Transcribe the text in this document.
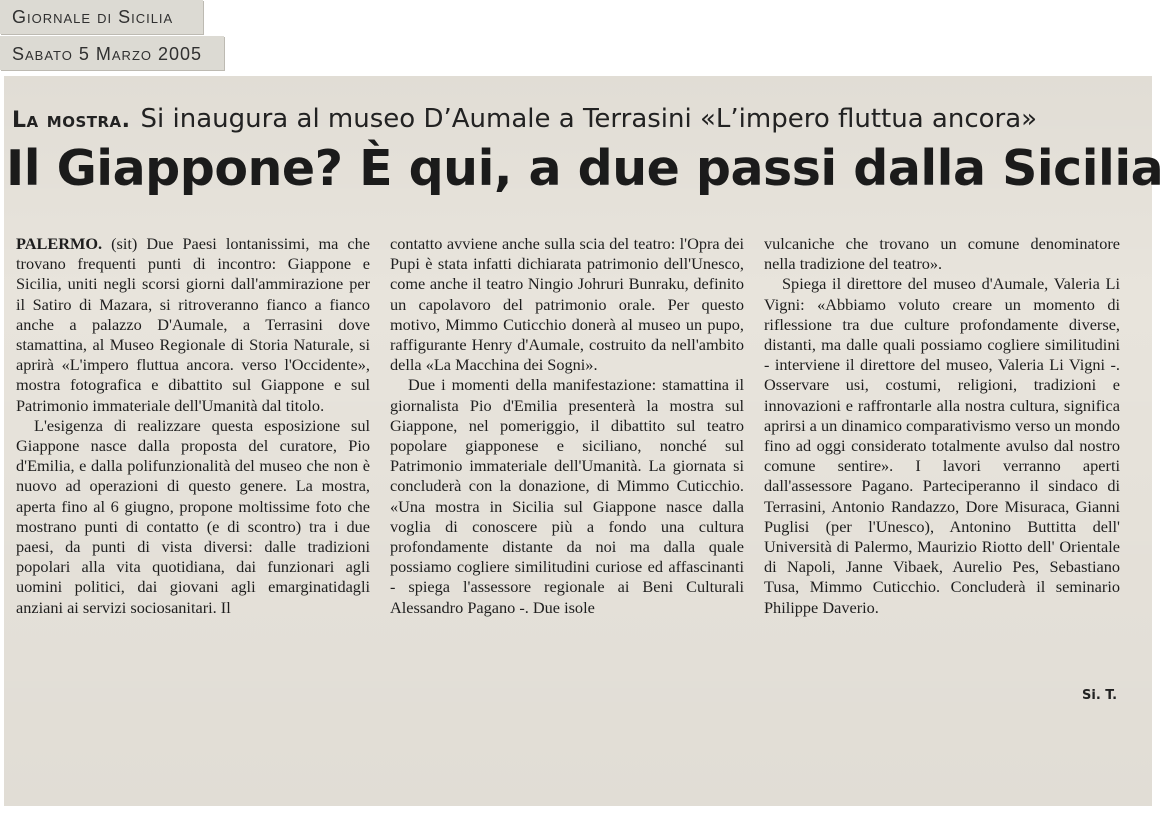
Giornale di Sicilia
Sabato 5 Marzo 2005
La mostra. Si inaugura al museo D’Aumale a Terrasini «L’impero fluttua ancora»
Il Giappone? È qui, a due passi dalla Sicilia

PALERMO. (sit) Due Paesi lontanissimi, ma che trovano frequenti punti di incontro: Giappone e Sicilia, uniti negli scorsi giorni dall'ammirazione per il Satiro di Mazara, si ritroveranno fianco a fianco anche a palazzo D'Aumale, a Terrasini dove stamattina, al Museo Regionale di Storia Naturale, si aprirà «L'impero fluttua ancora. verso l'Occidente», mostra fotografica e dibattito sul Giappone e sul Patrimonio immateriale dell'Umanità dal titolo.

L'esigenza di realizzare questa esposizione sul Giappone nasce dalla proposta del curatore, Pio d'Emilia, e dalla polifunzionalità del museo che non è nuovo ad operazioni di questo genere. La mostra, aperta fino al 6 giugno, propone moltissime foto che mostrano punti di contatto (e di scontro) tra i due paesi, da punti di vista diversi: dalle tradizioni popolari alla vita quotidiana, dai funzionari agli uomini politici, dai giovani agli emarginatidagli anziani ai servizi sociosanitari. Il

contatto avviene anche sulla scia del teatro: l'Opra dei Pupi è stata infatti dichiarata patrimonio dell'Unesco, come anche il teatro Ningio Johruri Bunraku, definito un capolavoro del patrimonio orale. Per questo motivo, Mimmo Cuticchio donerà al museo un pupo, raffigurante Henry d'Aumale, costruito da nell'ambito della «La Macchina dei Sogni».

Due i momenti della manifestazione: stamattina il giornalista Pio d'Emilia presenterà la mostra sul Giappone, nel pomeriggio, il dibattito sul teatro popolare giapponese e siciliano, nonché sul Patrimonio immateriale dell'Umanità. La giornata si concluderà con la donazione, di Mimmo Cuticchio. «Una mostra in Sicilia sul Giappone nasce dalla voglia di conoscere più a fondo una cultura profondamente distante da noi ma dalla quale possiamo cogliere similitudini curiose ed affascinanti - spiega l'assessore regionale ai Beni Culturali Alessandro Pagano -. Due isole

vulcaniche che trovano un comune denominatore nella tradizione del teatro».

Spiega il direttore del museo d'Aumale, Valeria Li Vigni: «Abbiamo voluto creare un momento di riflessione tra due culture profondamente diverse, distanti, ma dalle quali possiamo cogliere similitudini - interviene il direttore del museo, Valeria Li Vigni -. Osservare usi, costumi, religioni, tradizioni e innovazioni e raffrontarle alla nostra cultura, significa aprirsi a un dinamico comparativismo verso un mondo fino ad oggi considerato totalmente avulso dal nostro comune sentire». I lavori verranno aperti dall'assessore Pagano. Parteciperanno il sindaco di Terrasini, Antonio Randazzo, Dore Misuraca, Gianni Puglisi (per l'Unesco), Antonino Buttitta dell' Università di Palermo, Maurizio Riotto dell' Orientale di Napoli, Janne Vibaek, Aurelio Pes, Sebastiano Tusa, Mimmo Cuticchio. Concluderà il seminario Philippe Daverio.

Si. T.
